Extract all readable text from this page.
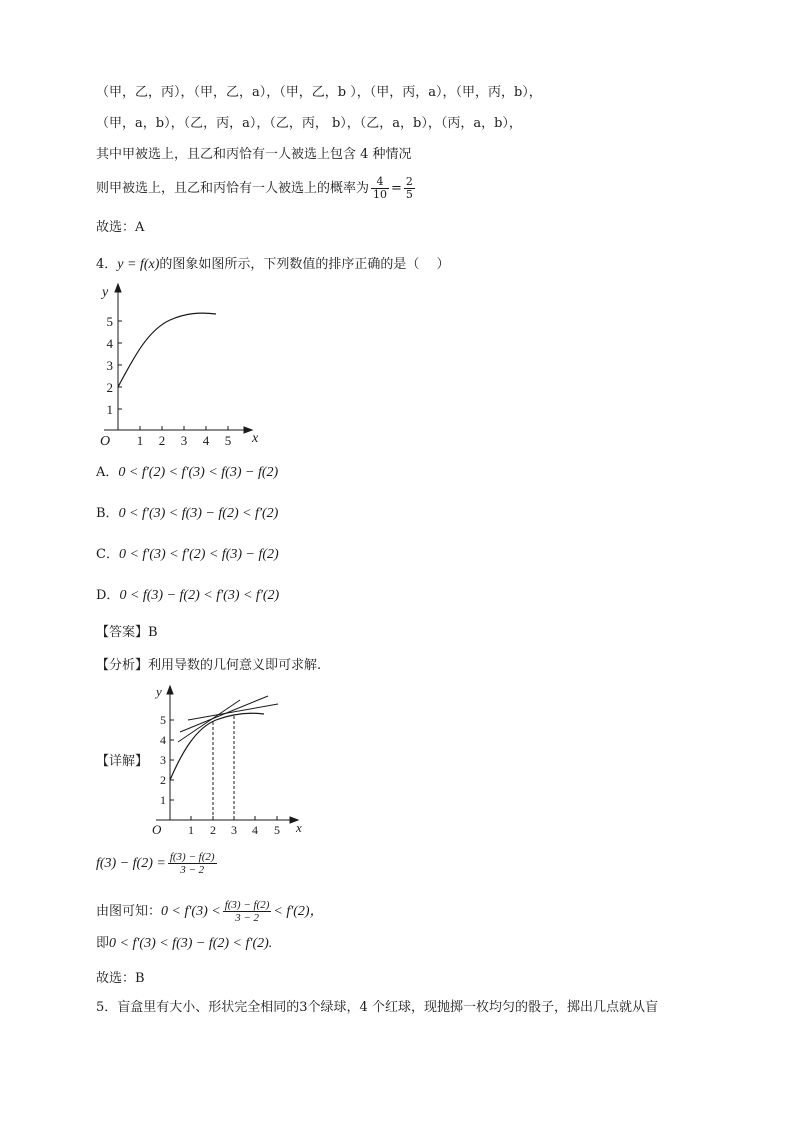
（甲，乙，丙），（甲，乙，a），（甲，乙，b ），（甲，丙，a），（甲，丙，b），
（甲，a，b），（乙，丙，a），（乙，丙， b），（乙，a，b），（丙，a，b），
其中甲被选上，且乙和丙恰有一人被选上包含 4 种情况
则甲被选上，且乙和丙恰有一人被选上的概率为 $\frac{4}{10} = \frac{2}{5}$
故选：A
4．y = f(x)的图象如图所示，下列数值的排序正确的是（　 ）
y
x
O
1
2
3
4
5
1 2 3 4 5
A．0 < f′(2) < f′(3) < f(3) − f(2)
B．0 < f′(3) < f(3) − f(2) < f′(2)
C．0 < f′(3) < f′(2) < f(3) − f(2)
D．0 < f(3) − f(2) < f′(3) < f′(2)
【答案】B
【分析】利用导数的几何意义即可求解.
【详解】
y
x
O
1
2
3
4
5
1 2 3 4 5
$f(3) - f(2) = \frac{f(3) - f(2)}{3 - 2}$
由图可知：$0 < f'(3) < \frac{f(3) - f(2)}{3 - 2} < f'(2)$，
即0 < f′(3) < f(3) − f(2) < f′(2).
故选：B
5．盲盒里有大小、形状完全相同的3个绿球，4 个红球，现抛掷一枚均匀的骰子，掷出几点就从盲
